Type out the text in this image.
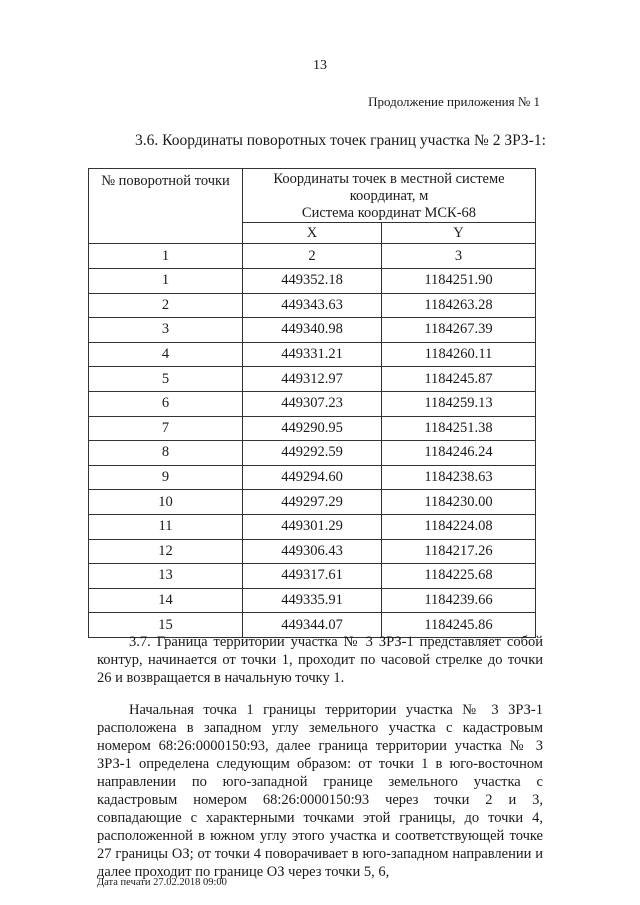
13
Продолжение приложения № 1
3.6. Координаты поворотных точек границ участка № 2 ЗРЗ-1:
№ поворотной точки	Координаты точек в местной системе координат, м
Система координат МСК-68	

	X	Y
1	2	3
1	449352.18	1184251.90
2	449343.63	1184263.28
3	449340.98	1184267.39
4	449331.21	1184260.11
5	449312.97	1184245.87
6	449307.23	1184259.13
7	449290.95	1184251.38
8	449292.59	1184246.24
9	449294.60	1184238.63
10	449297.29	1184230.00
11	449301.29	1184224.08
12	449306.43	1184217.26
13	449317.61	1184225.68
14	449335.91	1184239.66
15	449344.07	1184245.86
3.7. Граница территории участка № 3 ЗРЗ-1 представляет собой контур, начинается от точки 1, проходит по часовой стрелке до точки 26 и возвращается в начальную точку 1.
Начальная точка 1 границы территории участка № 3 ЗРЗ-1 расположена в западном углу земельного участка с кадастровым номером 68:26:0000150:93, далее граница территории участка № 3 ЗРЗ-1 определена следующим образом: от точки 1 в юго-восточном направлении по юго-западной границе земельного участка с кадастровым номером 68:26:0000150:93 через точки 2 и 3, совпадающие с характерными точками этой границы, до точки 4, расположенной в южном углу этого участка и соответствующей точке 27 границы ОЗ; от точки 4 поворачивает в юго-западном направлении и далее проходит по границе ОЗ через точки 5, 6,
Дата печати 27.02.2018 09:00
